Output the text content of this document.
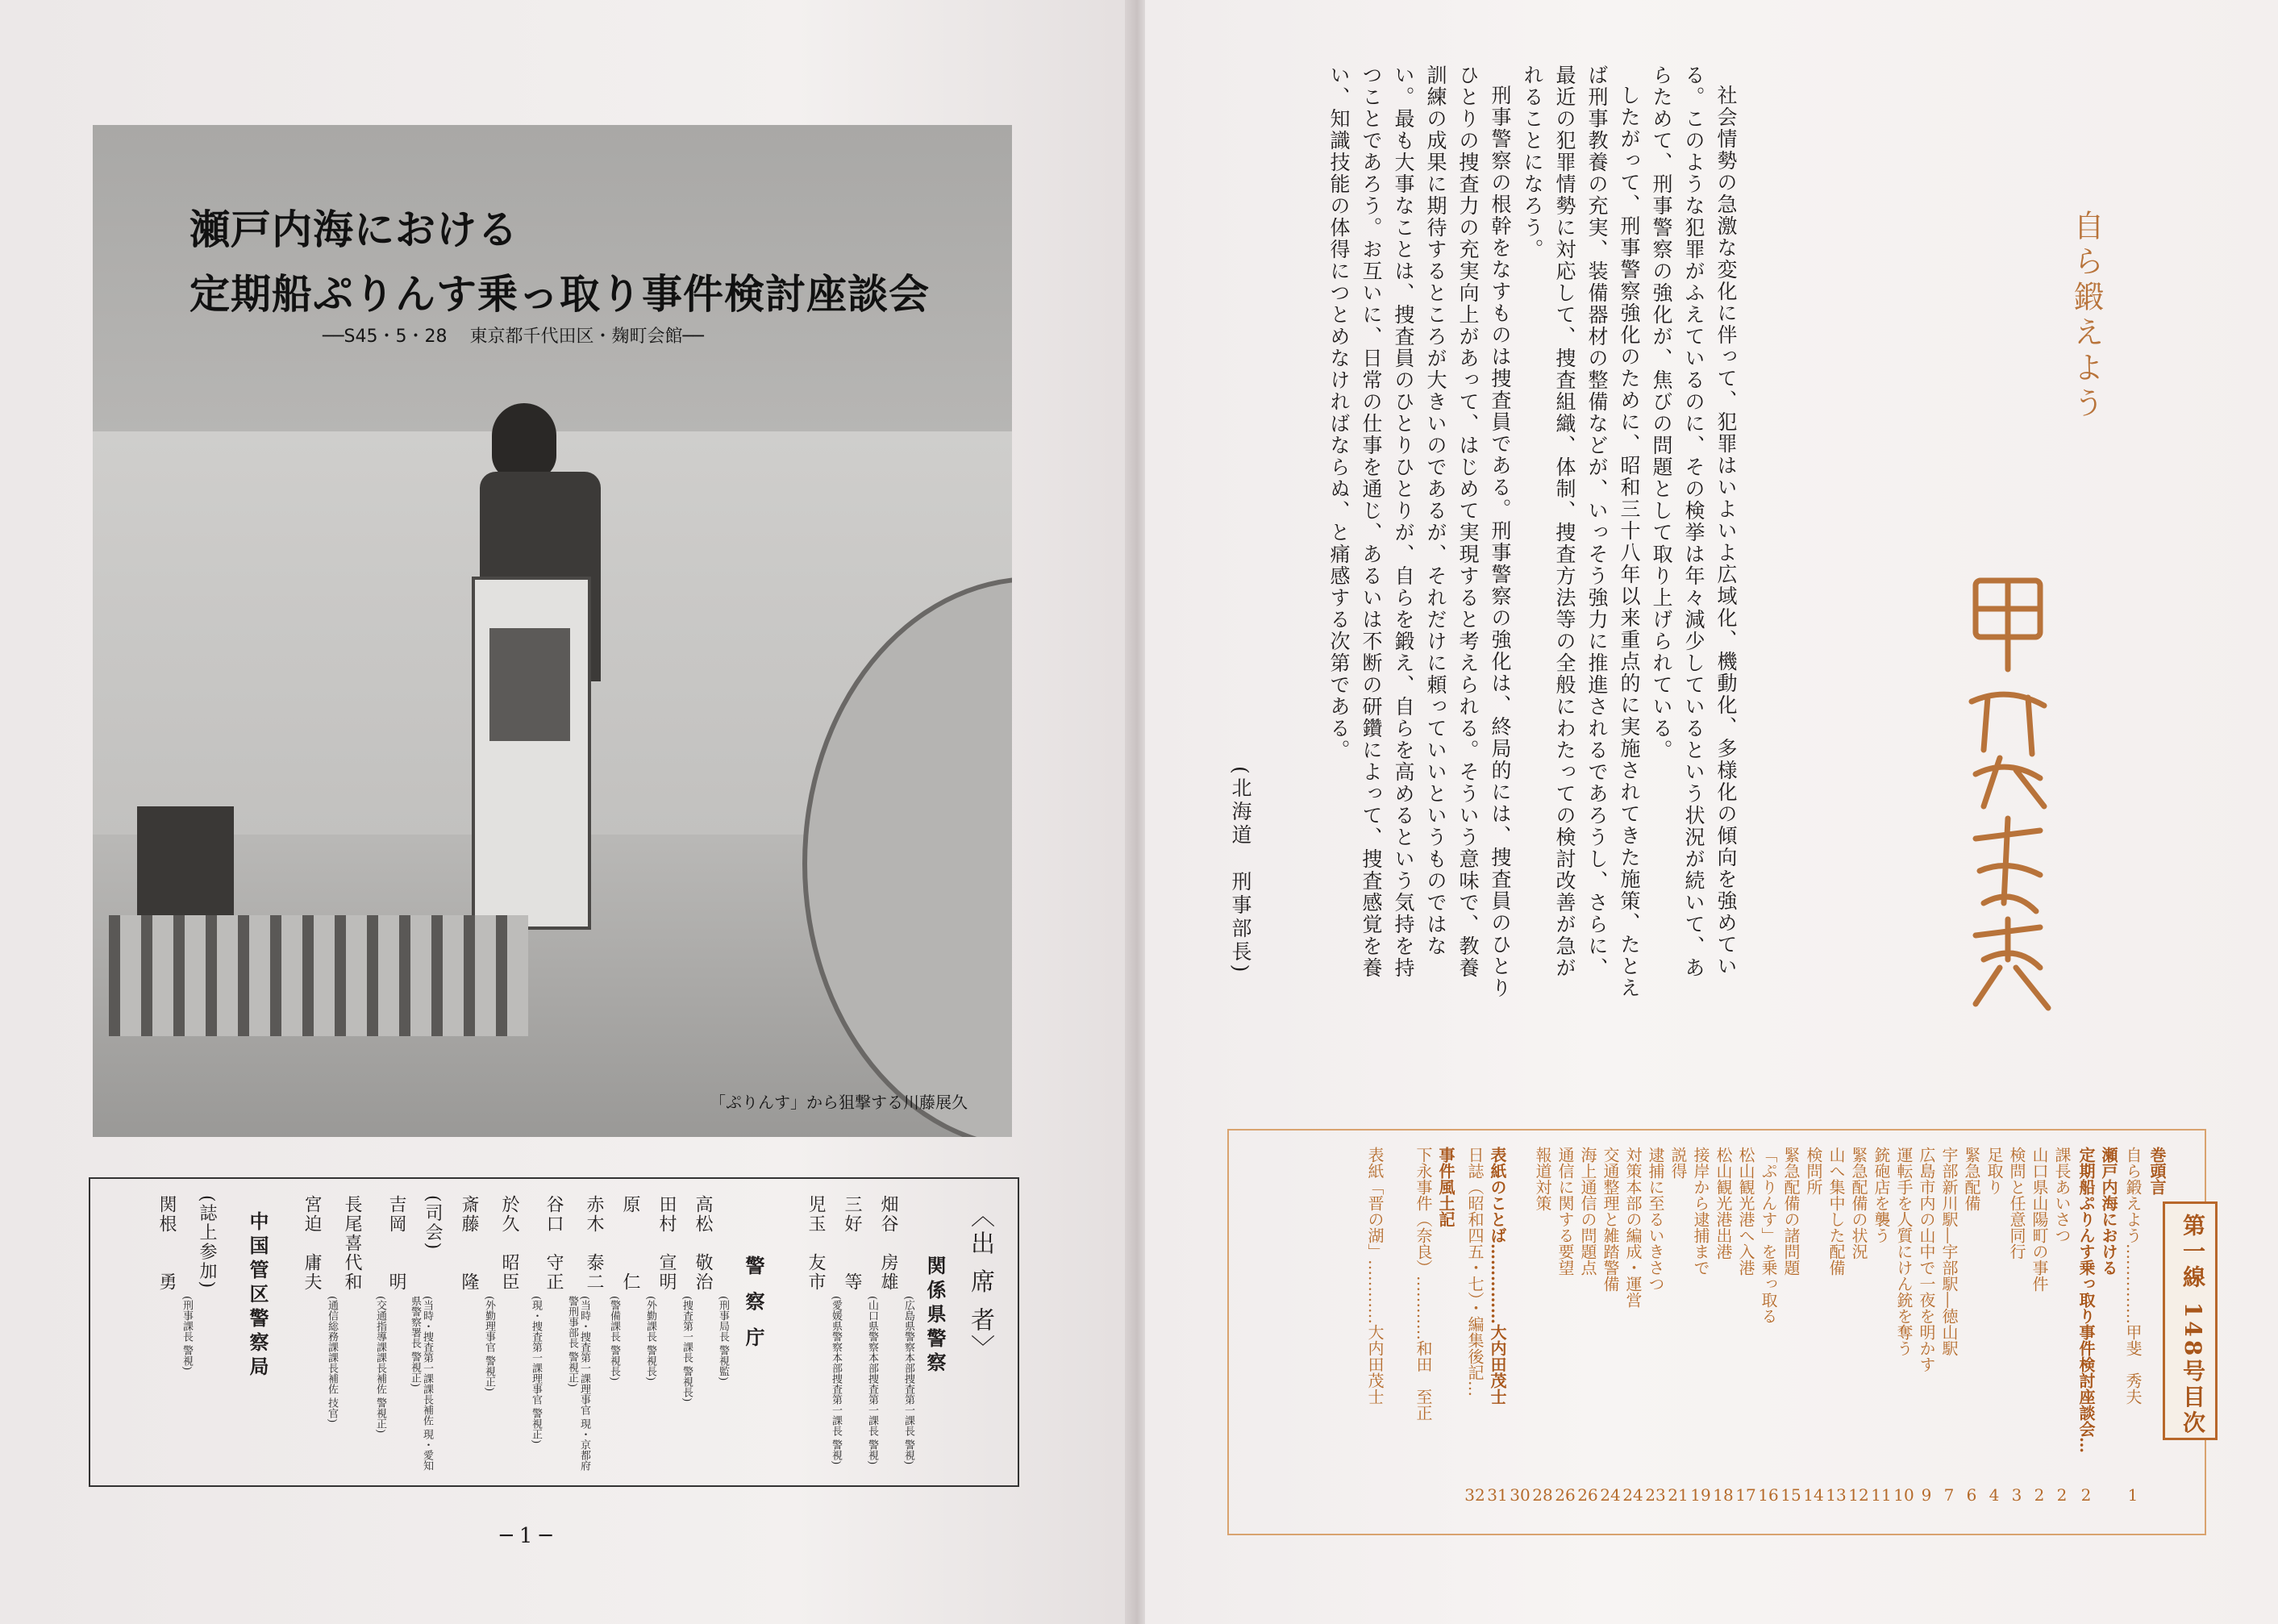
瀬戸内海における
定期船ぷりんす乗っ取り事件検討座談会
──S45・5・28 東京都千代田区・麹町会館──
「ぷりんす」から狙撃する川藤展久
〈出 席 者〉
関係県警察
畑谷　房雄
(広島県警察本部捜査第一課長 警視)
三好　　等
(山口県警察本部捜査第一課長 警視)
児玉　友市
(愛媛県警察本部捜査第一課長 警視)
警 察 庁
高松　敬治
(刑事局長 警視監)
田村　宣明
(捜査第一課長 警視長)
原　　　仁
(外勤課長 警視長)
赤木　泰二
(警備課長 警視長)
谷口　守正
(当時・捜査第一課理事官 現・京都府警刑事部長 警視正)
於久　昭臣
(現・捜査第一課理事官 警視正)
斎藤　　隆
(外勤理事官 警視正)
(司会)
吉岡　　明
(当時・捜査第一課課長補佐 現・愛知県警察署長 警視正)
長尾喜代和
(交通指導課課長補佐 警視正)
宮迫　庸夫
(通信総務課課長補佐 技官)
中国管区警察局
(誌上参加)
関根　　勇
(刑事課長 警視)
─ 1 ─

社会情勢の急激な変化に伴って、犯罪はいよいよ広域化、機動化、多様化の傾向を強めている。このような犯罪がふえているのに、その検挙は年々減少しているという状況が続いて、あらためて、刑事警察の強化が、焦びの問題として取り上げられている。

したがって、刑事警察強化のために、昭和三十八年以来重点的に実施されてきた施策、たとえば刑事教養の充実、装備器材の整備などが、いっそう強力に推進されるであろうし、さらに、最近の犯罪情勢に対応して、捜査組織、体制、捜査方法等の全般にわたっての検討改善が急がれることになろう。

刑事警察の根幹をなすものは捜査員である。刑事警察の強化は、終局的には、捜査員のひとりひとりの捜査力の充実向上があって、はじめて実現すると考えられる。そういう意味で、教養訓練の成果に期待するところが大きいのであるが、それだけに頼っていいというものではない。最も大事なことは、捜査員のひとりひとりが、自らを鍛え、自らを高めるという気持を持つことであろう。お互いに、日常の仕事を通じ、あるいは不断の研鑽によって、捜査感覚を養い、知識技能の体得につとめなければならぬ、と痛感する次第である。

(北海道　刑事部長)
自ら鍛えよう
巻頭言
自ら鍛えよう……………甲斐　秀夫
1
瀬戸内海における
定期船ぷりんす乗っ取り事件検討座談会…
2
課長あいさつ
2
山口県山陽町の事件
2
検問と任意同行
3
足取り
4
緊急配備
6
宇部新川駅―宇部駅―徳山駅
7
広島市内の山中で一夜を明かす
9
運転手を人質にけん銃を奪う
10
銃砲店を襲う
11
緊急配備の状況
12
山へ集中した配備
13
検問所
14
緊急配備の諸問題
15
「ぷりんす」を乗っ取る
16
松山観光港へ入港
17
松山観光港出港
18
接岸から逮捕まで
19
説得
21
逮捕に至るいきさつ
23
対策本部の編成・運営
24
交通整理と雑踏警備
24
海上通信の問題点
26
通信に関する要望
26
報道対策
28
30
表紙のことば……………大内田茂士
31
日誌（昭和四五・七）・編集後記…
32
事件風土記
下永事件（奈良）…………和田　至正
表紙「晋の湖」…………大内田茂士	第一線 148号目次
